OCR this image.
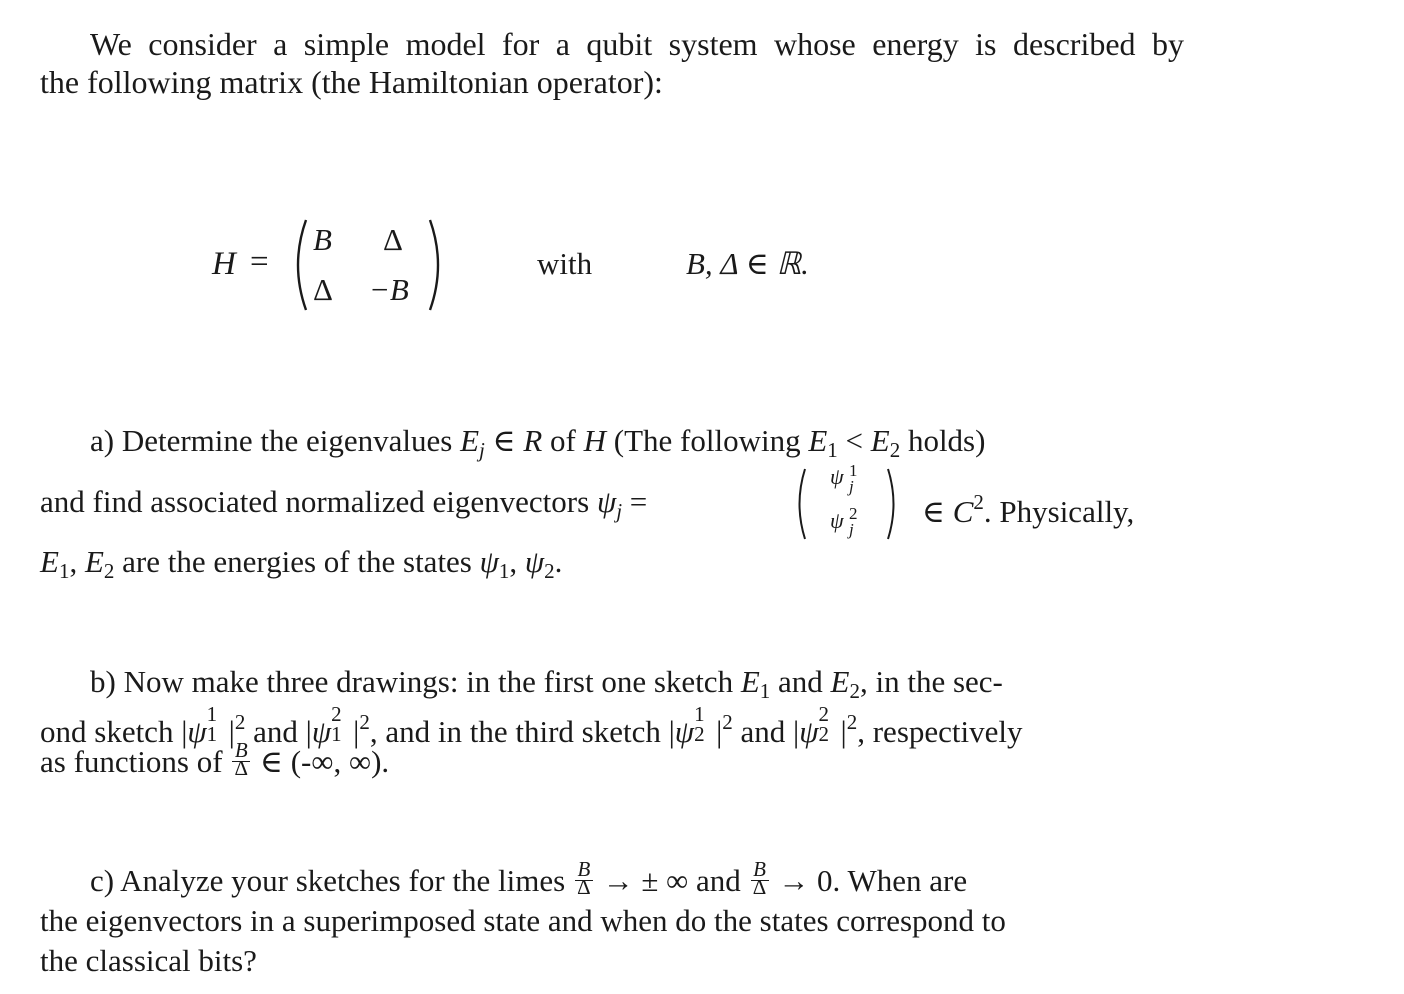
We consider a simple model for a qubit system whose energy is described by
the following matrix (the Hamiltonian operator):
H =
B Δ
Δ −B
with	B, Δ ∈ ℝ.
a) Determine the eigenvalues Ej ∈ R of H (The following $E_1 < E_2$ holds)
and find associated normalized eigenvectors ψj =
ψ 1
j
ψ 2
j
∈ $C^2$. Physically,
$E_1$, $E_2$ are the energies of the states $\psi_1$, $\psi_2$.
b) Now make three drawings: in the first one sketch $E_1$ and $E_2$, in the sec-
ond sketch |ψ 1
1 $|^2$ and |ψ 2
1 $|^2$, and in the third sketch |ψ 1
2 $|^2$ and |ψ 2
2 $|^2$, respectively
as functions of $\frac{B}{\Delta}$ ∈ (-∞, ∞).
c) Analyze your sketches for the limes $\frac{B}{\Delta}$ → ± ∞ and $\frac{B}{\Delta} \to 0$. When are
the eigenvectors in a superimposed state and when do the states correspond to
the classical bits?
